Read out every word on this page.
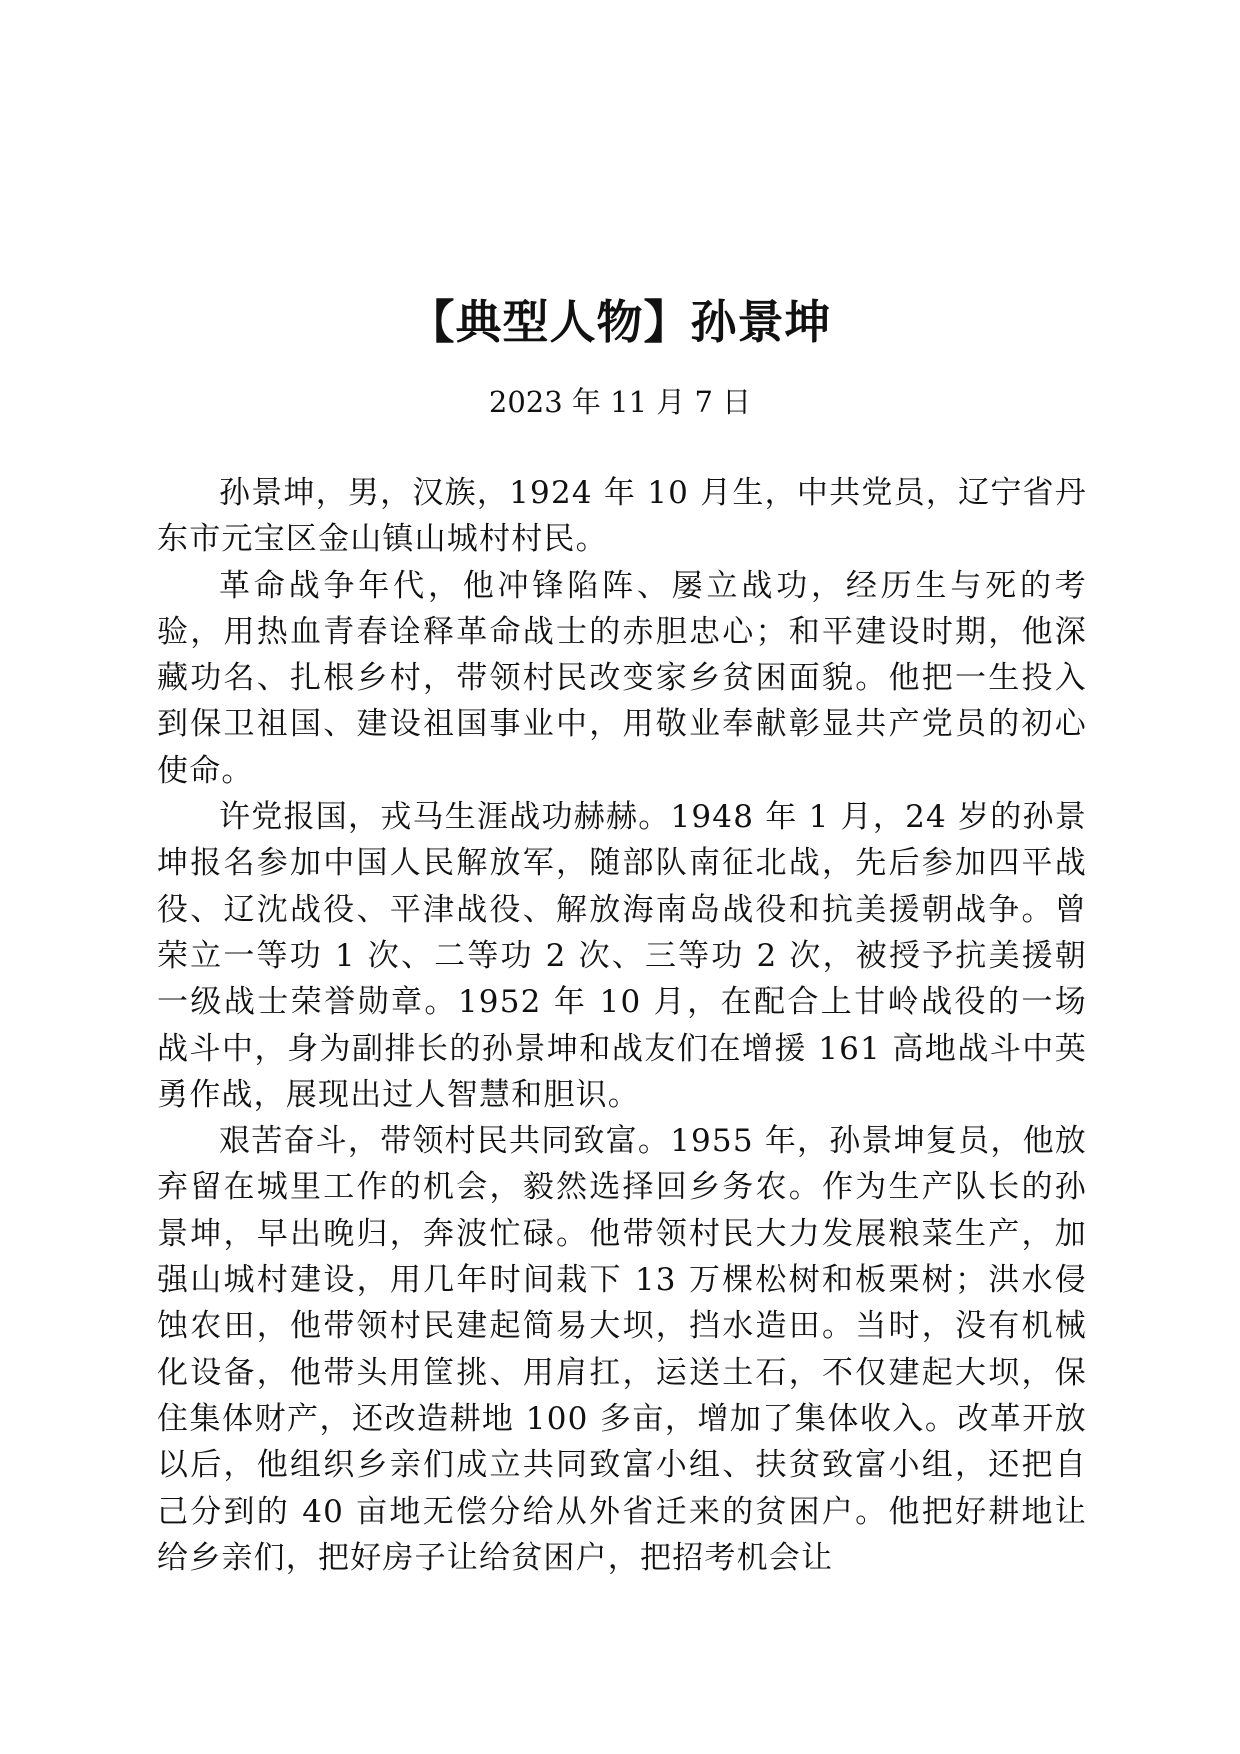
【典型人物】孙景坤
2023 年 11 月 7 日

孙景坤，男，汉族，1924 年 10 月生，中共党员，辽宁省丹东市元宝区金山镇山城村村民。

革命战争年代，他冲锋陷阵、屡立战功，经历生与死的考验，用热血青春诠释革命战士的赤胆忠心；和平建设时期，他深藏功名、扎根乡村，带领村民改变家乡贫困面貌。他把一生投入到保卫祖国、建设祖国事业中，用敬业奉献彰显共产党员的初心使命。

许党报国，戎马生涯战功赫赫。1948 年 1 月，24 岁的孙景坤报名参加中国人民解放军，随部队南征北战，先后参加四平战役、辽沈战役、平津战役、解放海南岛战役和抗美援朝战争。曾荣立一等功 1 次、二等功 2 次、三等功 2 次，被授予抗美援朝一级战士荣誉勋章。1952 年 10 月，在配合上甘岭战役的一场战斗中，身为副排长的孙景坤和战友们在增援 161 高地战斗中英勇作战，展现出过人智慧和胆识。

艰苦奋斗，带领村民共同致富。1955 年，孙景坤复员，他放弃留在城里工作的机会，毅然选择回乡务农。作为生产队长的孙景坤，早出晚归，奔波忙碌。他带领村民大力发展粮菜生产，加强山城村建设，用几年时间栽下 13 万棵松树和板栗树；洪水侵蚀农田，他带领村民建起简易大坝，挡水造田。当时，没有机械化设备，他带头用筐挑、用肩扛，运送土石，不仅建起大坝，保住集体财产，还改造耕地 100 多亩，增加了集体收入。改革开放以后，他组织乡亲们成立共同致富小组、扶贫致富小组，还把自己分到的 40 亩地无偿分给从外省迁来的贫困户。他把好耕地让给乡亲们，把好房子让给贫困户，把招考机会让
